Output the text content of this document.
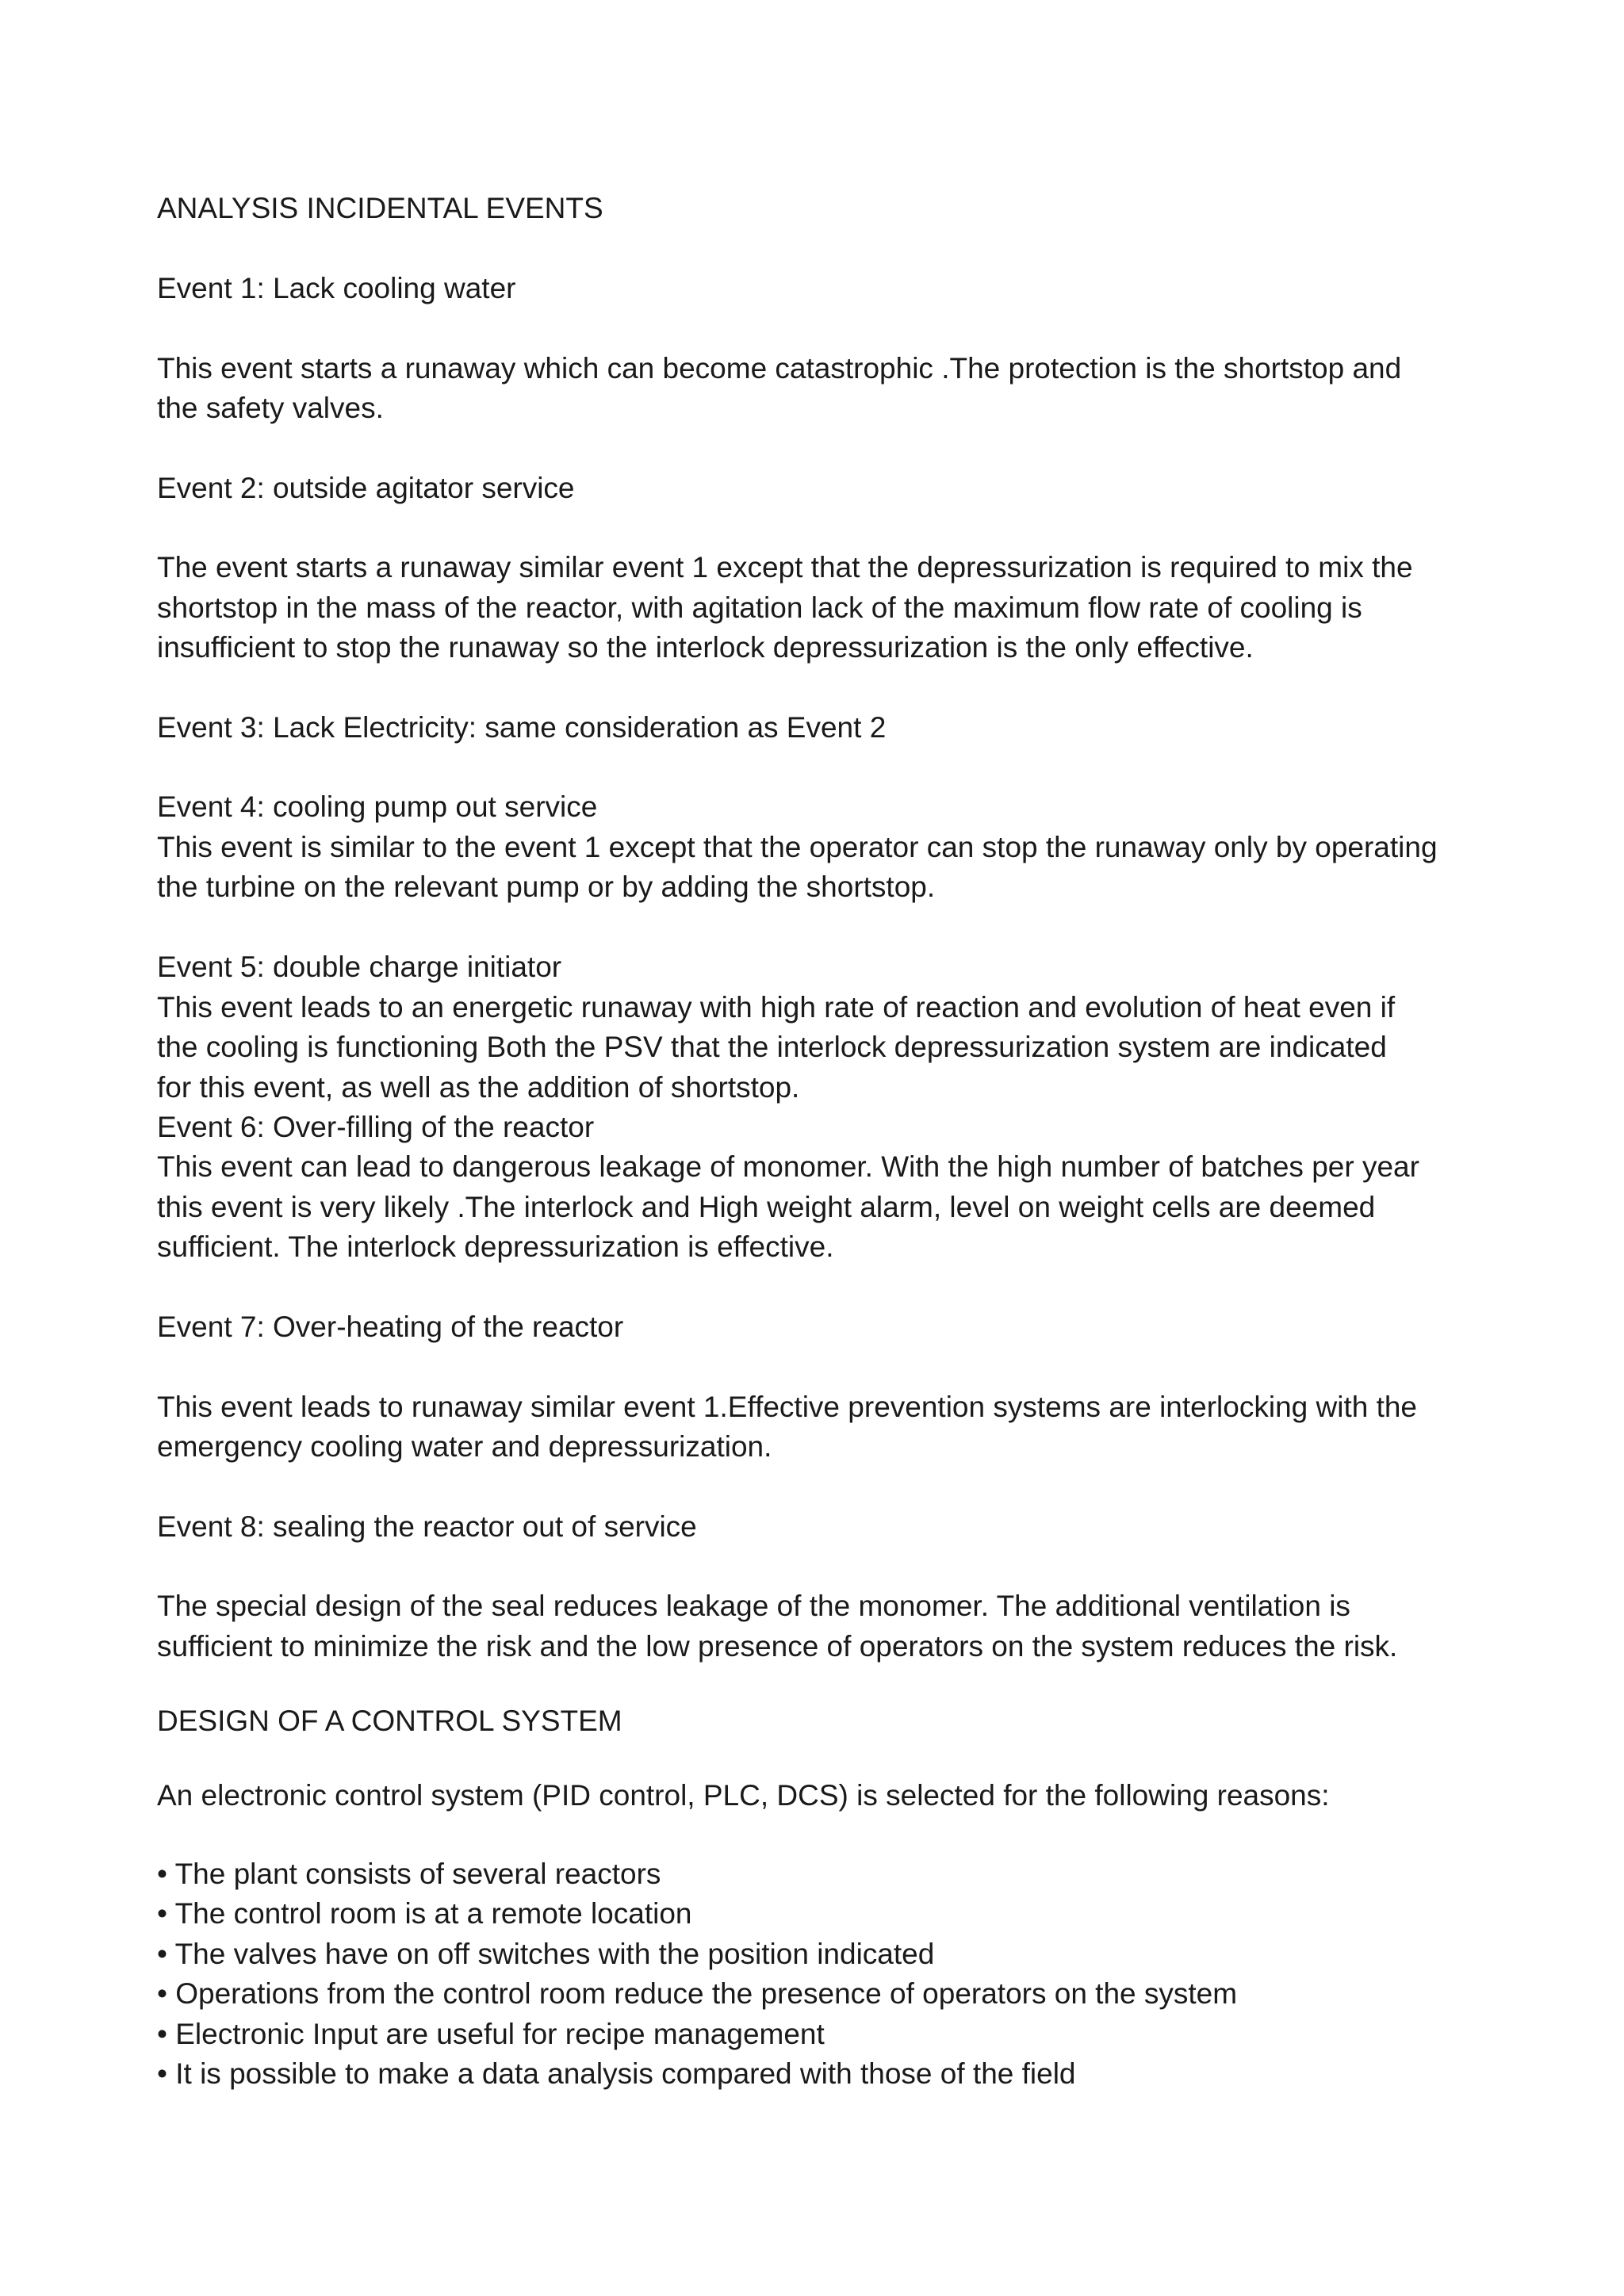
ANALYSIS INCIDENTAL EVENTS
Event 1: Lack cooling water
This event starts a runaway which can become catastrophic .The protection is the shortstop and
the safety valves.
Event 2: outside agitator service
The event starts a runaway similar event 1 except that the depressurization is required to mix the
shortstop in the mass of the reactor, with agitation lack of the maximum flow rate of cooling is
insufficient to stop the runaway so the interlock depressurization is the only effective.
Event 3: Lack Electricity: same consideration as Event 2
Event 4: cooling pump out service
This event is similar to the event 1 except that the operator can stop the runaway only by operating
the turbine on the relevant pump or by adding the shortstop.
Event 5: double charge initiator
This event leads to an energetic runaway with high rate of reaction and evolution of heat even if
the cooling is functioning Both the PSV that the interlock depressurization system are indicated
for this event, as well as the addition of shortstop.
Event 6: Over-filling of the reactor
This event can lead to dangerous leakage of monomer. With the high number of batches per year
this event is very likely .The interlock and High weight alarm, level on weight cells are deemed
sufficient. The interlock depressurization is effective.
Event 7: Over-heating of the reactor
This event leads to runaway similar event 1.Effective prevention systems are interlocking with the
emergency cooling water and depressurization.
Event 8: sealing the reactor out of service
The special design of the seal reduces leakage of the monomer. The additional ventilation is
sufficient to minimize the risk and the low presence of operators on the system reduces the risk.
DESIGN OF A CONTROL SYSTEM
An electronic control system (PID control, PLC, DCS) is selected for the following reasons:
• The plant consists of several reactors
• The control room is at a remote location
• The valves have on off switches with the position indicated
• Operations from the control room reduce the presence of operators on the system
• Electronic Input are useful for recipe management
• It is possible to make a data analysis compared with those of the field
